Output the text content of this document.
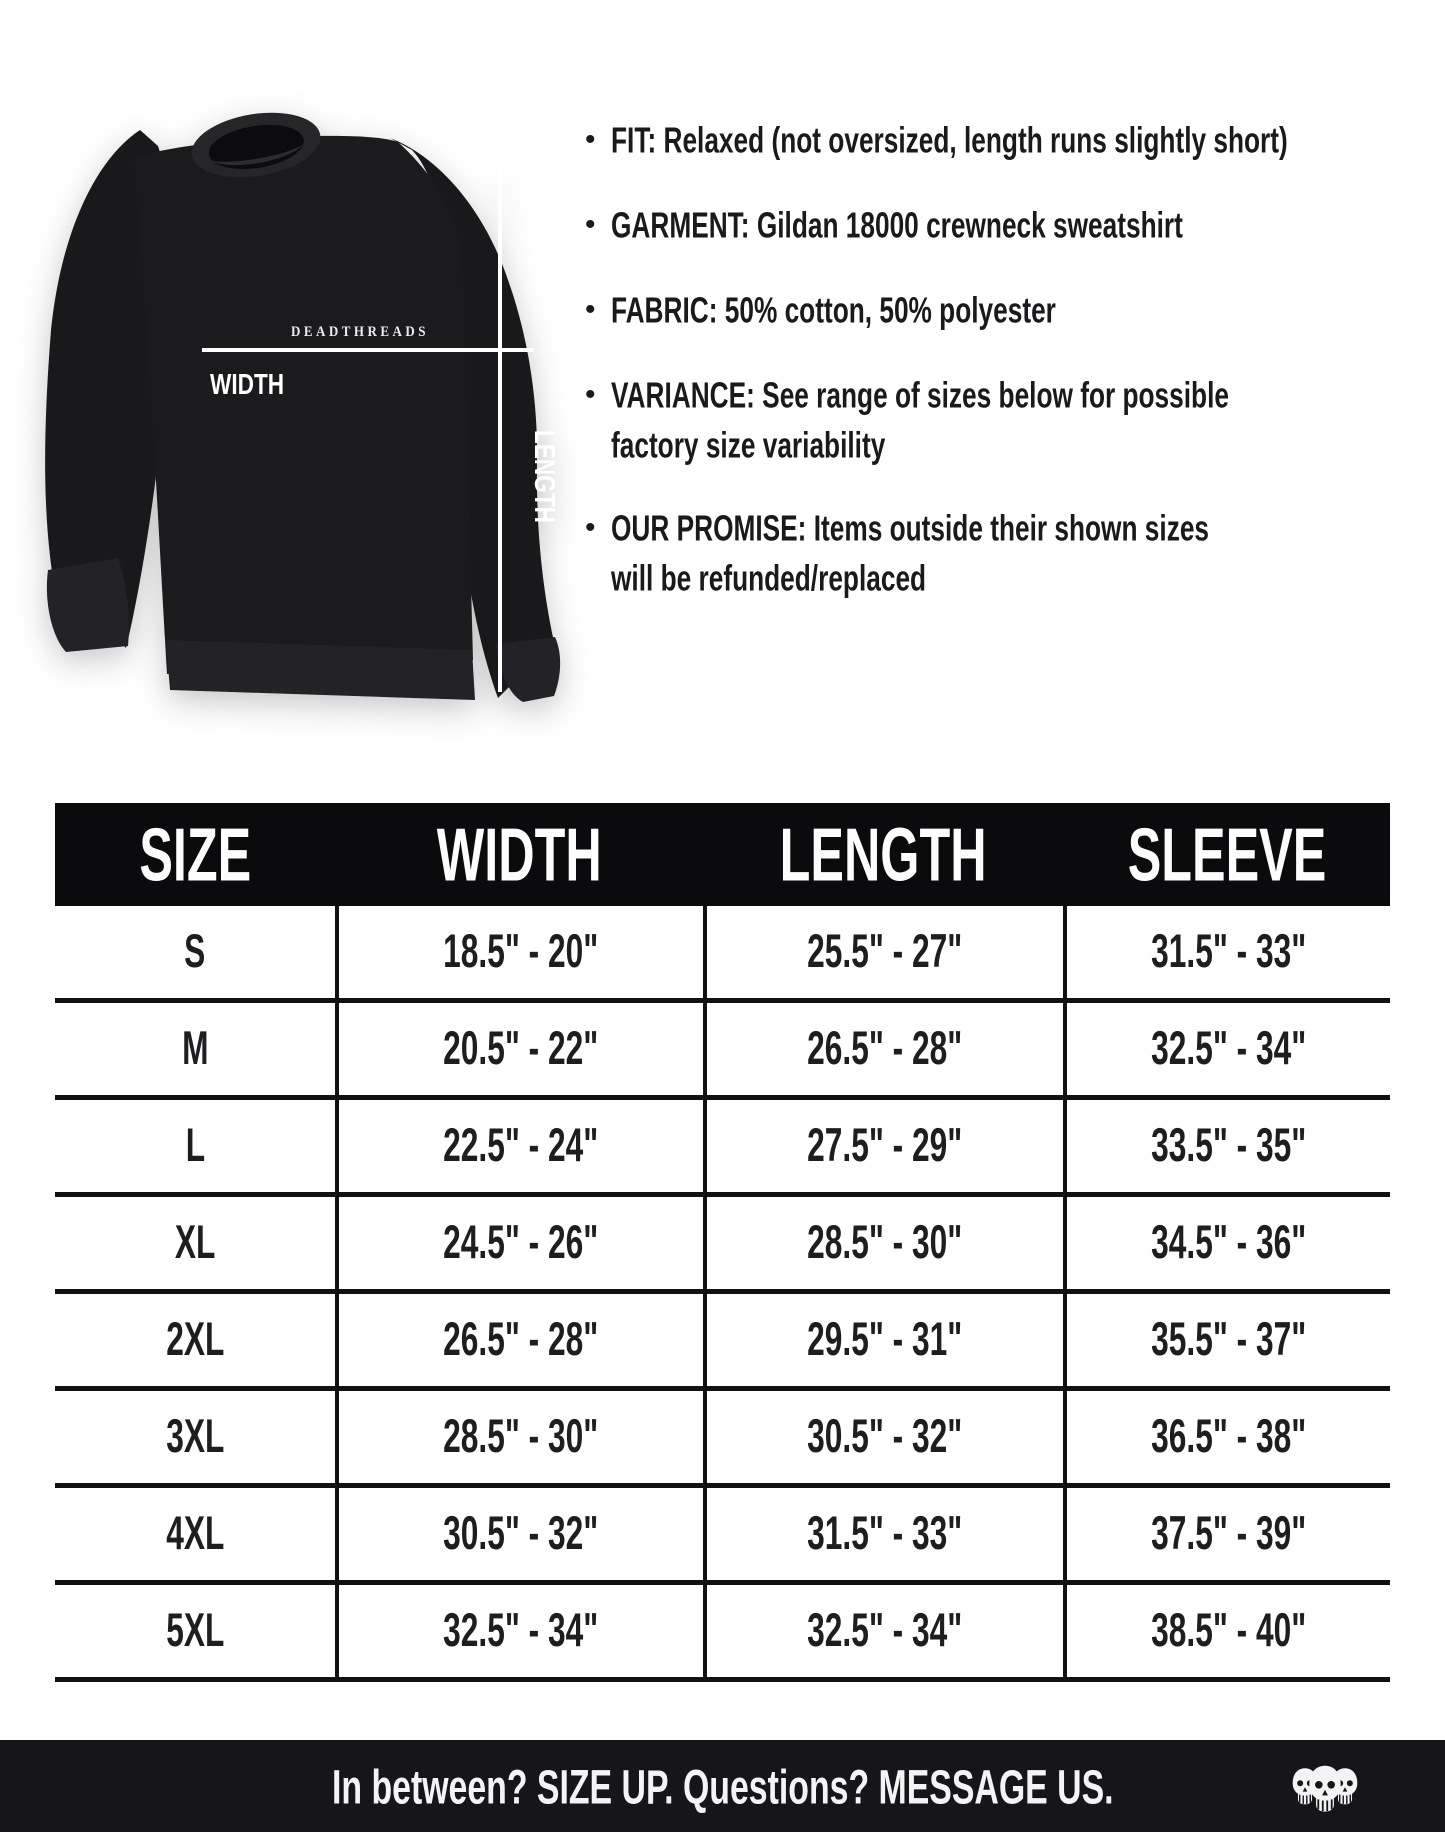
DEADTHREADS
WIDTH
LENGTH
• FIT: Relaxed (not oversized, length runs slightly short)
• GARMENT: Gildan 18000 crewneck sweatshirt
• FABRIC: 50% cotton, 50% polyester
• VARIANCE: See range of sizes below for possible
factory size variability
• OUR PROMISE: Items outside their shown sizes
will be refunded/replaced
SIZE	WIDTH LENGTH SLEEVE
S	18.5" - 20"	25.5" - 27"	31.5" - 33"
M	20.5" - 22"	26.5" - 28"	32.5" - 34"
L	22.5" - 24"	27.5" - 29"	33.5" - 35"
XL	24.5" - 26"	28.5" - 30"	34.5" - 36"
2XL	26.5" - 28"	29.5" - 31"	35.5" - 37"
3XL	28.5" - 30"	30.5" - 32"	36.5" - 38"
4XL	30.5" - 32"	31.5" - 33"	37.5" - 39"
5XL	32.5" - 34"	32.5" - 34"	38.5" - 40"
In between? SIZE UP. Questions? MESSAGE US.
